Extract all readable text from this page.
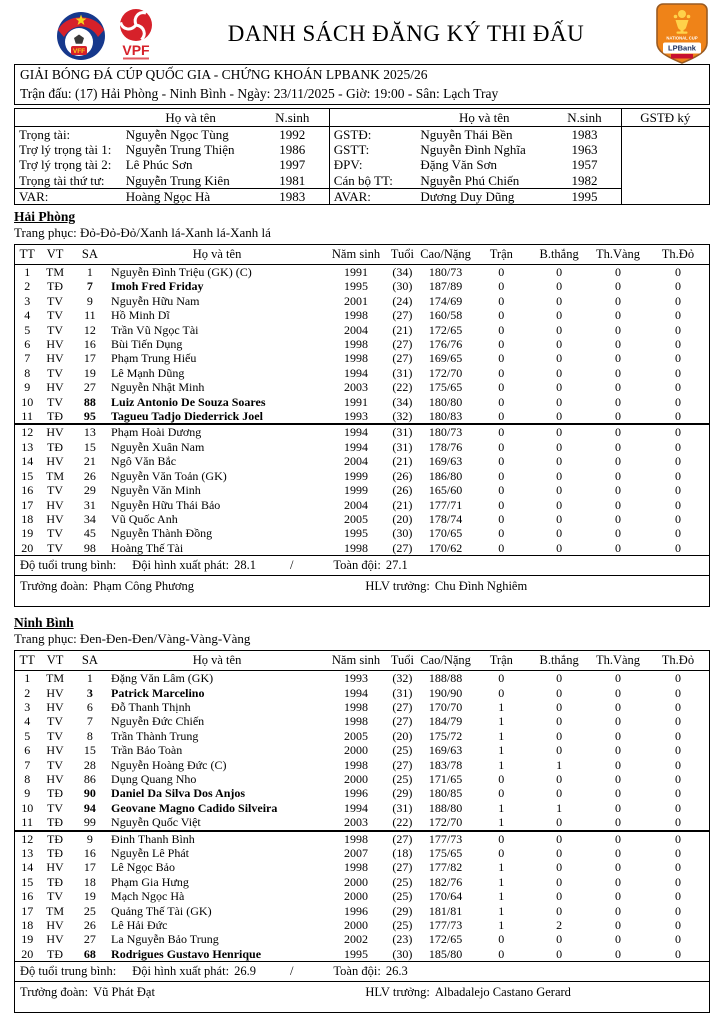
VFF	VPF
DANH SÁCH ĐĂNG KÝ THI ĐẤU	NATIONAL CUP
LPBank
GIẢI BÓNG ĐÁ CÚP QUỐC GIA - CHỨNG KHOÁN LPBANK 2025/26
Trận đấu: (17) Hải Phòng - Ninh Bình - Ngày: 23/11/2025 - Giờ: 19:00 - Sân: Lạch Tray
	Họ và tên	N.sinh		Họ và tên	N.sinh	GSTĐ ký
Trọng tài:	Nguyễn Ngọc Tùng	1992	GSTĐ:	Nguyễn Thái Bền	1983	
Trợ lý trọng tài 1:	Nguyễn Trung Thiện	1986	GSTT:	Nguyễn Đình Nghĩa	1963	
Trợ lý trọng tài 2:	Lê Phúc Sơn	1997	ĐPV:	Đặng Văn Sơn	1957	
Trọng tài thứ tư:	Nguyễn Trung Kiên	1981	Cán bộ TT:	Nguyễn Phú Chiến	1982	
VAR:	Hoàng Ngọc Hà	1983	AVAR:	Dương Duy Dũng	1995	
Hải Phòng
Trang phục: Đỏ-Đỏ-Đỏ/Xanh lá-Xanh lá-Xanh lá
TT	VT	SA	Họ và tên	Năm sinh	Tuổi	Cao/Nặng	Trận	B.thắng	Th.Vàng	Th.Đỏ
1	TM	1	Nguyễn Đình Triệu (GK) (C)	1991	(34)	180/73	0	0	0	0
2	TĐ	7	Imoh Fred Friday	1995	(30)	187/89	0	0	0	0
3	TV	9	Nguyễn Hữu Nam	2001	(24)	174/69	0	0	0	0
4	TV	11	Hồ Minh Dĩ	1998	(27)	160/58	0	0	0	0
5	TV	12	Trần Vũ Ngọc Tài	2004	(21)	172/65	0	0	0	0
6	HV	16	Bùi Tiến Dụng	1998	(27)	176/76	0	0	0	0
7	HV	17	Phạm Trung Hiếu	1998	(27)	169/65	0	0	0	0
8	TV	19	Lê Mạnh Dũng	1994	(31)	172/70	0	0	0	0
9	HV	27	Nguyễn Nhật Minh	2003	(22)	175/65	0	0	0	0
10	TV	88	Luiz Antonio De Souza Soares	1991	(34)	180/80	0	0	0	0
11	TĐ	95	Tagueu Tadjo Diederrick Joel	1993	(32)	180/83	0	0	0	0
12	HV	13	Phạm Hoài Dương	1994	(31)	180/73	0	0	0	0
13	TĐ	15	Nguyễn Xuân Nam	1994	(31)	178/76	0	0	0	0
14	HV	21	Ngô Văn Bắc	2004	(21)	169/63	0	0	0	0
15	TM	26	Nguyễn Văn Toản (GK)	1999	(26)	186/80	0	0	0	0
16	TV	29	Nguyễn Văn Minh	1999	(26)	165/60	0	0	0	0
17	HV	31	Nguyễn Hữu Thái Bảo	2004	(21)	177/71	0	0	0	0
18	HV	34	Vũ Quốc Anh	2005	(20)	178/74	0	0	0	0
19	TV	45	Nguyễn Thành Đồng	1995	(30)	170/65	0	0	0	0
20	TV	98	Hoàng Thế Tài	1998	(27)	170/62	0	0	0	0
Độ tuổi trung bình: Đội hình xuất phát: 28.1	/	Toàn đội: 27.1
Trưởng đoàn: Phạm Công Phương	HLV trưởng: Chu Đình Nghiêm
Ninh Bình
Trang phục: Đen-Đen-Đen/Vàng-Vàng-Vàng
TT	VT	SA	Họ và tên	Năm sinh	Tuổi	Cao/Nặng	Trận	B.thắng	Th.Vàng	Th.Đỏ
1	TM	1	Đặng Văn Lâm (GK)	1993	(32)	188/88	0	0	0	0
2	HV	3	Patrick Marcelino	1994	(31)	190/90	0	0	0	0
3	HV	6	Đỗ Thanh Thịnh	1998	(27)	170/70	1	0	0	0
4	TV	7	Nguyễn Đức Chiến	1998	(27)	184/79	1	0	0	0
5	TV	8	Trần Thành Trung	2005	(20)	175/72	1	0	0	0
6	HV	15	Trần Bảo Toàn	2000	(25)	169/63	1	0	0	0
7	TV	28	Nguyễn Hoàng Đức (C)	1998	(27)	183/78	1	1	0	0
8	HV	86	Dụng Quang Nho	2000	(25)	171/65	0	0	0	0
9	TĐ	90	Daniel Da Silva Dos Anjos	1996	(29)	180/85	0	0	0	0
10	TV	94	Geovane Magno Cadido Silveira	1994	(31)	188/80	1	1	0	0
11	TĐ	99	Nguyễn Quốc Việt	2003	(22)	172/70	1	0	0	0
12	TĐ	9	Đinh Thanh Bình	1998	(27)	177/73	0	0	0	0
13	TĐ	16	Nguyễn Lê Phát	2007	(18)	175/65	0	0	0	0
14	HV	17	Lê Ngọc Bảo	1998	(27)	177/82	1	0	0	0
15	TĐ	18	Phạm Gia Hưng	2000	(25)	182/76	1	0	0	0
16	TV	19	Mạch Ngọc Hà	2000	(25)	170/64	1	0	0	0
17	TM	25	Quảng Thế Tài (GK)	1996	(29)	181/81	1	0	0	0
18	HV	26	Lê Hải Đức	2000	(25)	177/73	1	2	0	0
19	HV	27	La Nguyễn Bảo Trung	2002	(23)	172/65	0	0	0	0
20	TĐ	68	Rodrigues Gustavo Henrique	1995	(30)	185/80	0	0	0	0
Độ tuổi trung bình: Đội hình xuất phát: 26.9	/	Toàn đội: 26.3
Trưởng đoàn: Vũ Phát Đạt	HLV trưởng: Albadalejo Castano Gerard
